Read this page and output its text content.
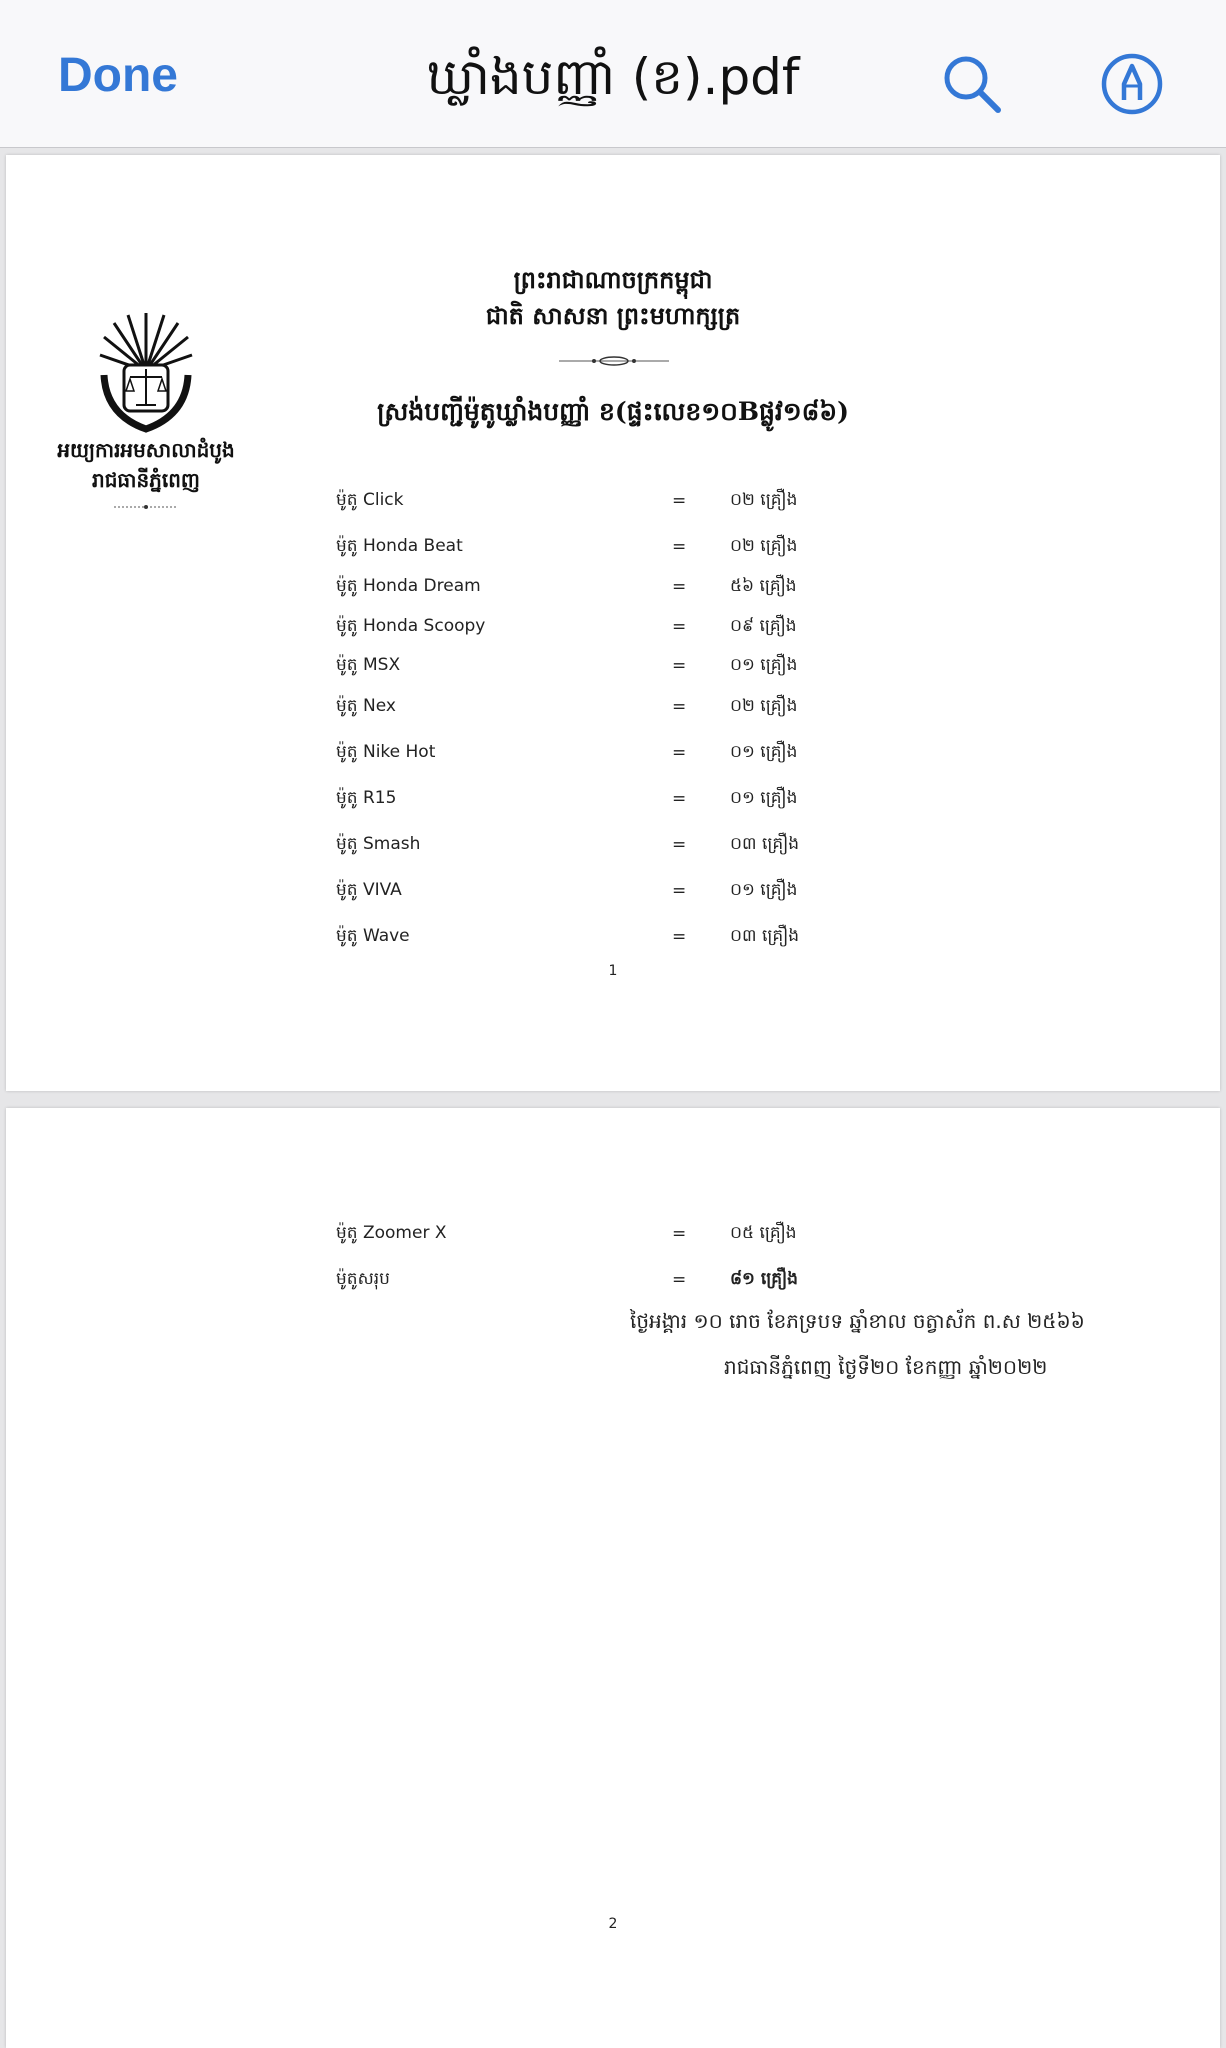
Done	ឃ្លាំងបញ្ញាំ (ខ).pdf
ព្រះរាជាណាចក្រកម្ពុជា
ជាតិ សាសនា ព្រះមហាក្សត្រ
អយ្យការអមសាលាដំបូង
រាជធានីភ្នំពេញ
ស្រង់បញ្ជីម៉ូតូឃ្លាំងបញ្ញាំ ខ(ផ្ទះលេខ១០Bផ្លូវ១៨៦)
ម៉ូតូ Click	=	០២ គ្រឿង
ម៉ូតូ Honda Beat	=	០២ គ្រឿង
ម៉ូតូ Honda Dream	=	៥៦ គ្រឿង
ម៉ូតូ Honda Scoopy	=	០៩ គ្រឿង
ម៉ូតូ MSX	=	០១ គ្រឿង
ម៉ូតូ Nex	=	០២ គ្រឿង
ម៉ូតូ Nike Hot	=	០១ គ្រឿង
ម៉ូតូ R15	=	០១ គ្រឿង
ម៉ូតូ Smash	=	០៣ គ្រឿង
ម៉ូតូ VIVA	=	០១ គ្រឿង
ម៉ូតូ Wave	=	០៣ គ្រឿង
1
ម៉ូតូ Zoomer X	=	០៥ គ្រឿង
ម៉ូតូសរុប	=	៨១ គ្រឿង
ថ្ងៃអង្គារ ១០ រោច ខែភទ្របទ ឆ្នាំខាល ចត្វាស័ក ព.ស ២៥៦៦
រាជធានីភ្នំពេញ ថ្ងៃទី២០ ខែកញ្ញា ឆ្នាំ២០២២
2
